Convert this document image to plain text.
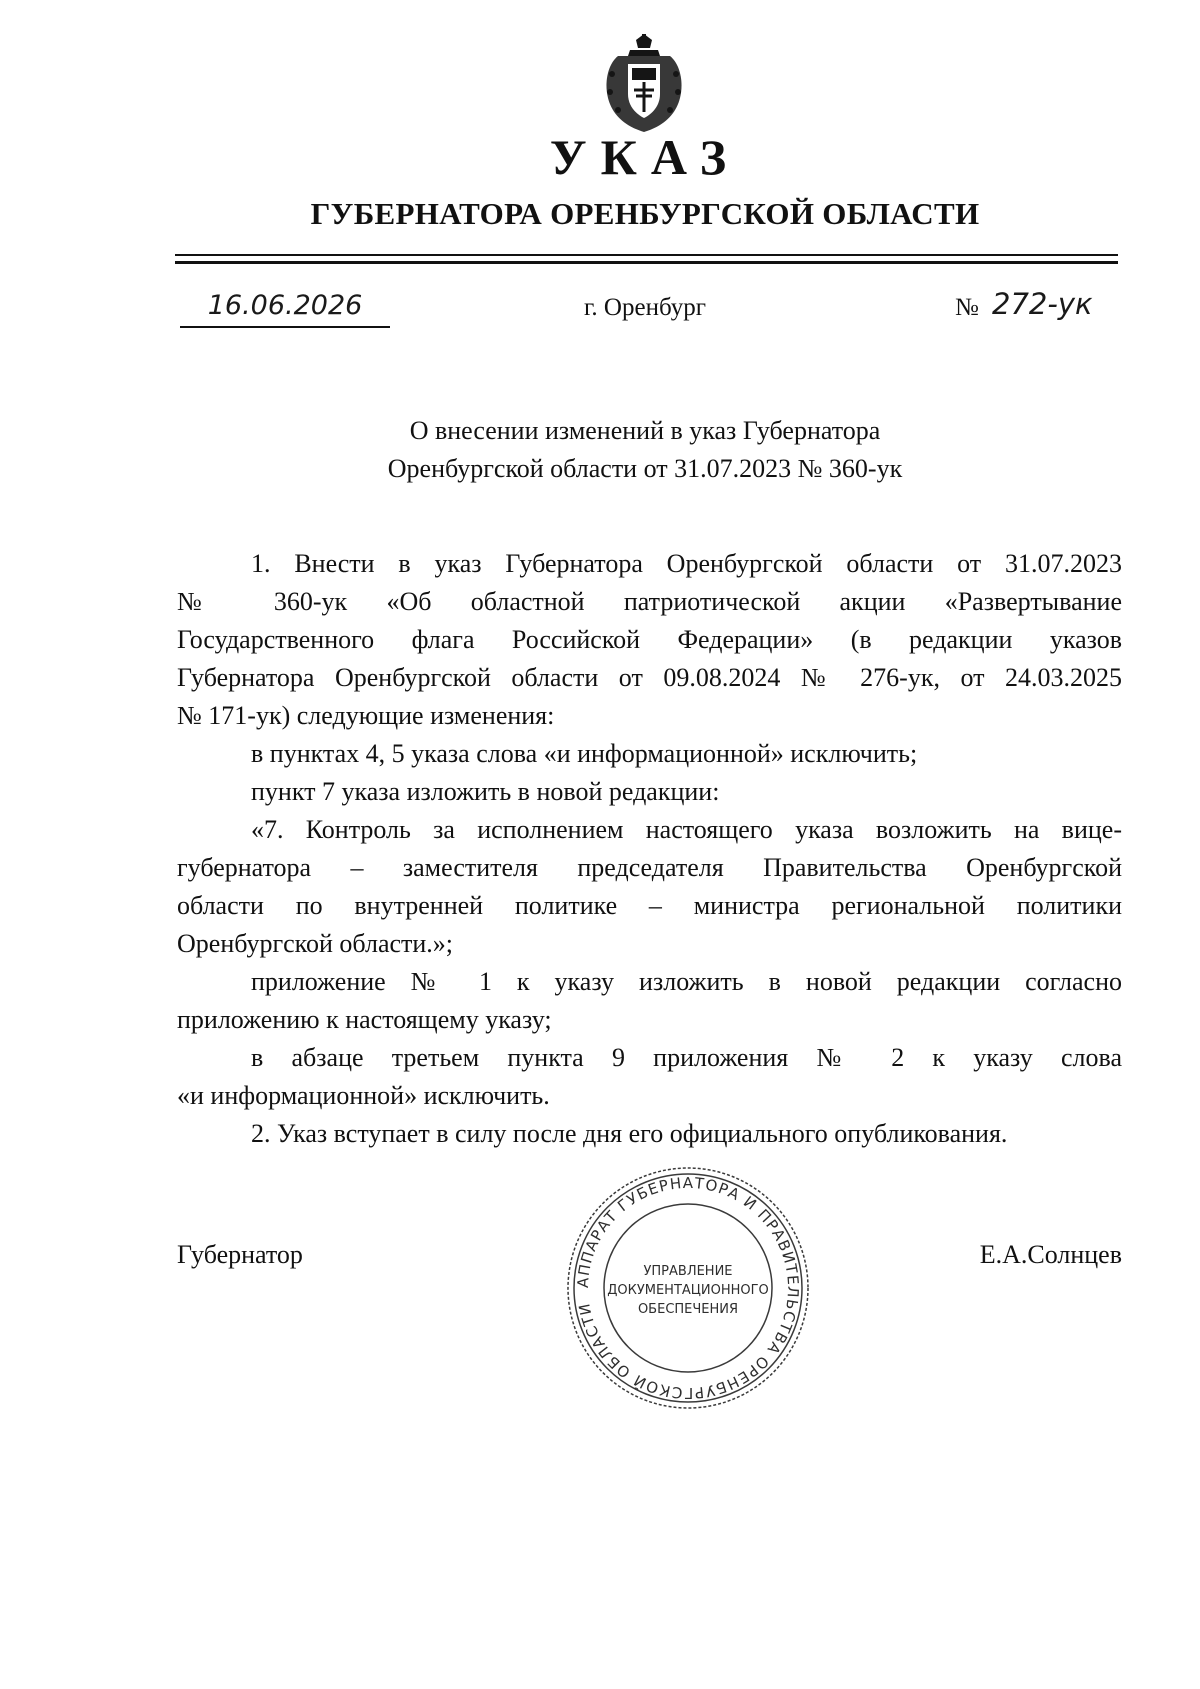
УКАЗ
ГУБЕРНАТОРА ОРЕНБУРГСКОЙ ОБЛАСТИ
16.06.2026	г. Оренбург	№ 272-ук
О внесении изменений в указ Губернатора
Оренбургской области от 31.07.2023 № 360-ук

1. Внести в указ Губернатора Оренбургской области от 31.07.2023

№ 360-ук «Об областной патриотической акции «Развертывание

Государственного флага Российской Федерации» (в редакции указов

Губернатора Оренбургской области от 09.08.2024 № 276-ук, от 24.03.2025

№ 171-ук) следующие изменения:

в пунктах 4, 5 указа слова «и информационной» исключить;

пункт 7 указа изложить в новой редакции:

«7. Контроль за исполнением настоящего указа возложить на вице-

губернатора – заместителя председателя Правительства Оренбургской

области по внутренней политике – министра региональной политики

Оренбургской области.»;

приложение № 1 к указу изложить в новой редакции согласно

приложению к настоящему указу;

в абзаце третьем пункта 9 приложения № 2 к указу слова

«и информационной» исключить.

2. Указ вступает в силу после дня его официального опубликования.

Губернатор	Е.А.Солнцев
АППАРАТ ГУБЕРНАТОРА И ПРАВИТЕЛЬСТВА ОРЕНБУРГСКОЙ ОБЛАСТИ
УПРАВЛЕНИЕ
ДОКУМЕНТАЦИОННОГО
ОБЕСПЕЧЕНИЯ
